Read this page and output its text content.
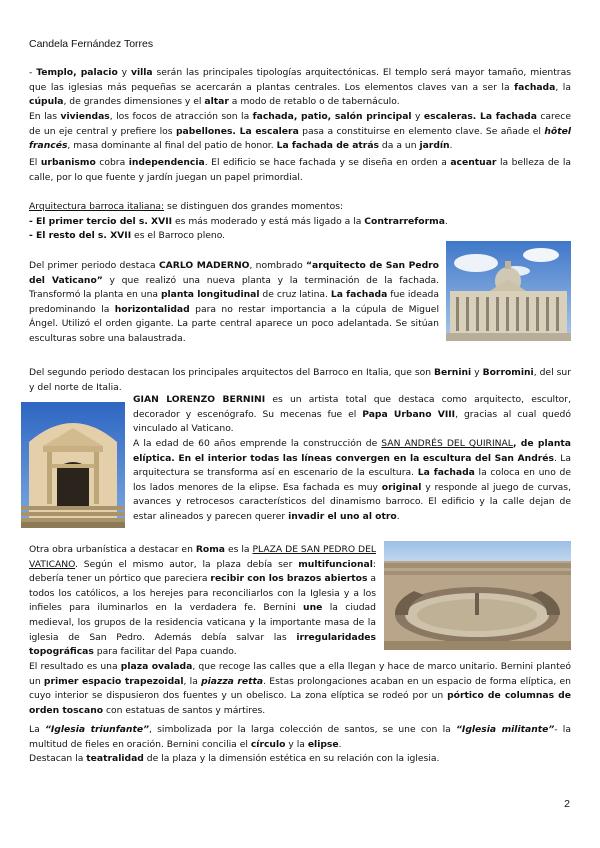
Candela Fernández Torres

- Templo, palacio y villa serán las principales tipologías arquitectónicas. El templo será mayor tamaño, mientras que las iglesias más pequeñas se acercarán a plantas centrales. Los elementos claves van a ser la fachada, la cúpula, de grandes dimensiones y el altar a modo de retablo o de tabernáculo.

En las viviendas, los focos de atracción son la fachada, patio, salón principal y escaleras. La fachada carece de un eje central y prefiere los pabellones. La escalera pasa a constituirse en elemento clave. Se añade el hôtel francés, masa dominante al final del patio de honor. La fachada de atrás da a un jardín.

El urbanismo cobra independencia. El edificio se hace fachada y se diseña en orden a acentuar la belleza de la calle, por lo que fuente y jardín juegan un papel primordial.

Arquitectura barroca italiana: se distinguen dos grandes momentos:
- El primer tercio del s. XVII es más moderado y está más ligado a la Contrarreforma.
- El resto del s. XVII es el Barroco pleno.

Del primer periodo destaca CARLO MADERNO, nombrado “arquitecto de San Pedro del Vaticano” y que realizó una nueva planta y la terminación de la fachada. Transformó la planta en una planta longitudinal de cruz latina. La fachada fue ideada predominando la horizontalidad para no restar importancia a la cúpula de Miguel Ángel. Utilizó el orden gigante. La parte central aparece un poco adelantada. Se sitúan esculturas sobre una balaustrada.

Del segundo periodo destacan los principales arquitectos del Barroco en Italia, que son Bernini y Borromini, del sur y del norte de Italia.

GIAN LORENZO BERNINI es un artista total que destaca como arquitecto, escultor, decorador y escenógrafo. Su mecenas fue el Papa Urbano VIII, gracias al cual quedó vinculado al Vaticano.

A la edad de 60 años emprende la construcción de SAN ANDRÉS DEL QUIRINAL, de planta elíptica. En el interior todas las líneas convergen en la escultura del San Andrés. La arquitectura se transforma así en escenario de la escultura. La fachada la coloca en uno de los lados menores de la elipse. Esa fachada es muy original y responde al juego de curvas, avances y retrocesos característicos del dinamismo barroco. El edificio y la calle dejan de estar alineados y parecen querer invadir el uno al otro.

Otra obra urbanística a destacar en Roma es la PLAZA DE SAN PEDRO DEL VATICANO. Según el mismo autor, la plaza debía ser multifuncional: debería tener un pórtico que pareciera recibir con los brazos abiertos a todos los católicos, a los herejes para reconciliarlos con la Iglesia y a los infieles para iluminarlos en la verdadera fe. Bernini une la ciudad medieval, los grupos de la residencia vaticana y la importante masa de la iglesia de San Pedro. Además debía salvar las irregularidades topográficas para facilitar del Papa cuando.

El resultado es una plaza ovalada, que recoge las calles que a ella llegan y hace de marco unitario. Bernini planteó un primer espacio trapezoidal, la piazza retta. Estas prolongaciones acaban en un espacio de forma elíptica, en cuyo interior se dispusieron dos fuentes y un obelisco. La zona elíptica se rodeó por un pórtico de columnas de orden toscano con estatuas de santos y mártires.

La “Iglesia triunfante”, simbolizada por la larga colección de santos, se une con la “Iglesia militante”- la multitud de fieles en oración. Bernini concilia el círculo y la elipse.

Destacan la teatralidad de la plaza y la dimensión estética en su relación con la iglesia.

2
